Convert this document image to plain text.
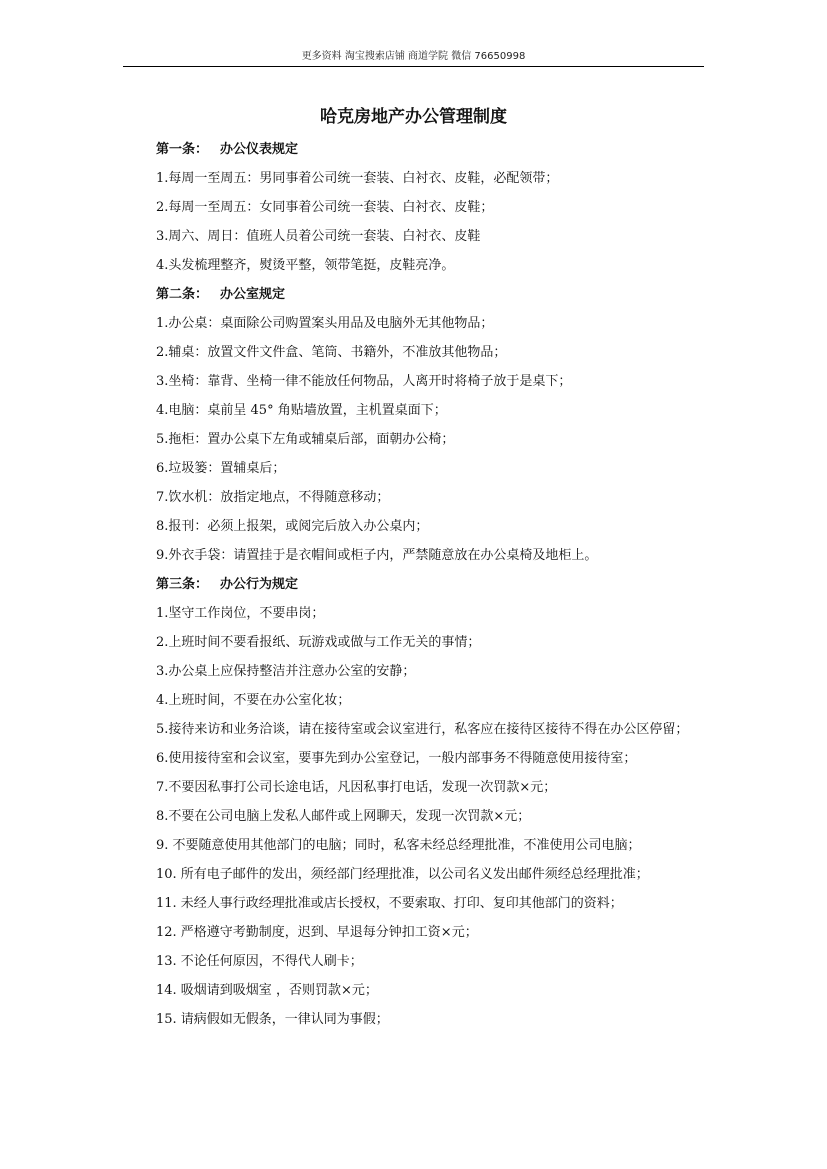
更多资料 淘宝搜索店铺 商道学院 微信 76650998
哈克房地产办公管理制度
第一条： 办公仪表规定
1.每周一至周五：男同事着公司统一套装、白衬衣、皮鞋，必配领带；
2.每周一至周五：女同事着公司统一套装、白衬衣、皮鞋；
3.周六、周日：值班人员着公司统一套装、白衬衣、皮鞋
4.头发梳理整齐，熨烫平整，领带笔挺，皮鞋亮净。
第二条： 办公室规定
1.办公桌：桌面除公司购置案头用品及电脑外无其他物品；
2.辅桌：放置文件文件盒、笔筒、书籍外，不准放其他物品；
3.坐椅：靠背、坐椅一律不能放任何物品，人离开时将椅子放于是桌下；
4.电脑：桌前呈 45° 角贴墙放置，主机置桌面下；
5.拖柜：置办公桌下左角或辅桌后部，面朝办公椅；
6.垃圾篓：置辅桌后；
7.饮水机：放指定地点，不得随意移动；
8.报刊：必须上报架，或阅完后放入办公桌内；
9.外衣手袋：请置挂于是衣帽间或柜子内，严禁随意放在办公桌椅及地柜上。
第三条： 办公行为规定
1.坚守工作岗位，不要串岗；
2.上班时间不要看报纸、玩游戏或做与工作无关的事情；
3.办公桌上应保持整洁并注意办公室的安静；
4.上班时间，不要在办公室化妆；
5.接待来访和业务洽谈，请在接待室或会议室进行，私客应在接待区接待不得在办公区停留；
6.使用接待室和会议室，要事先到办公室登记，一般内部事务不得随意使用接待室；
7.不要因私事打公司长途电话，凡因私事打电话，发现一次罚款×元；
8.不要在公司电脑上发私人邮件或上网聊天，发现一次罚款×元；
9. 不要随意使用其他部门的电脑；同时，私客未经总经理批准，不准使用公司电脑；
10. 所有电子邮件的发出，须经部门经理批准，以公司名义发出邮件须经总经理批准；
11. 未经人事行政经理批准或店长授权，不要索取、打印、复印其他部门的资料；
12. 严格遵守考勤制度，迟到、早退每分钟扣工资×元；
13. 不论任何原因，不得代人刷卡；
14. 吸烟请到吸烟室 ，否则罚款×元；
15. 请病假如无假条，一律认同为事假；
